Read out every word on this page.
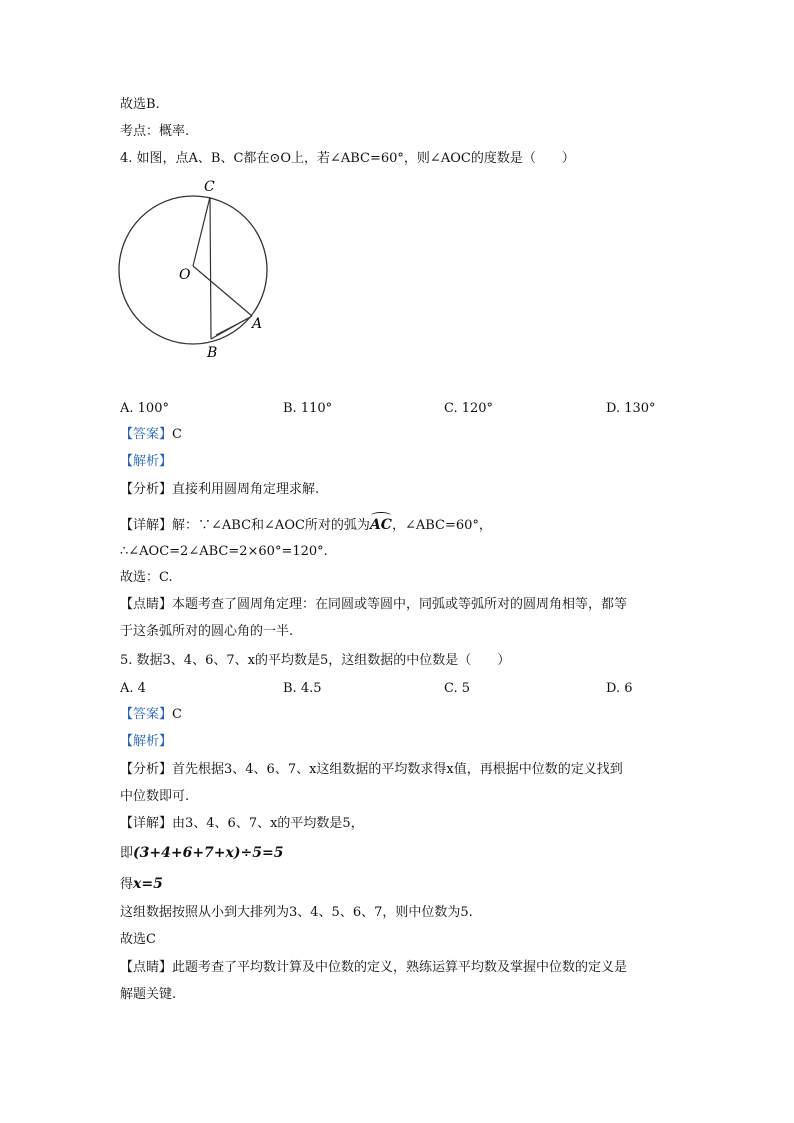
故选B.
考点：概率.
4. 如图，点A、B、C都在⊙O上，若∠ABC=60°，则∠AOC的度数是（　　）
C
O
A
B
A. 100°	B. 110°	C. 120°	D. 130°
【答案】C
【解析】
【分析】直接利用圆周角定理求解.
【详解】解：∵∠ABC和∠AOC所对的弧为AC，∠ABC=60°，
∴∠AOC=2∠ABC=2×60°=120°.
故选：C.
【点睛】本题考查了圆周角定理：在同圆或等圆中，同弧或等弧所对的圆周角相等，都等
于这条弧所对的圆心角的一半.
5. 数据3、4、6、7、x的平均数是5，这组数据的中位数是（　　）
A. 4	B. 4.5	C. 5	D. 6
【答案】C
【解析】
【分析】首先根据3、4、6、7、x这组数据的平均数求得x值，再根据中位数的定义找到
中位数即可.
【详解】由3、4、6、7、x的平均数是5，
即(3+4+6+7+x)÷5=5
得x=5
这组数据按照从小到大排列为3、4、5、6、7，则中位数为5.
故选C
【点睛】此题考查了平均数计算及中位数的定义，熟练运算平均数及掌握中位数的定义是
解题关键.
